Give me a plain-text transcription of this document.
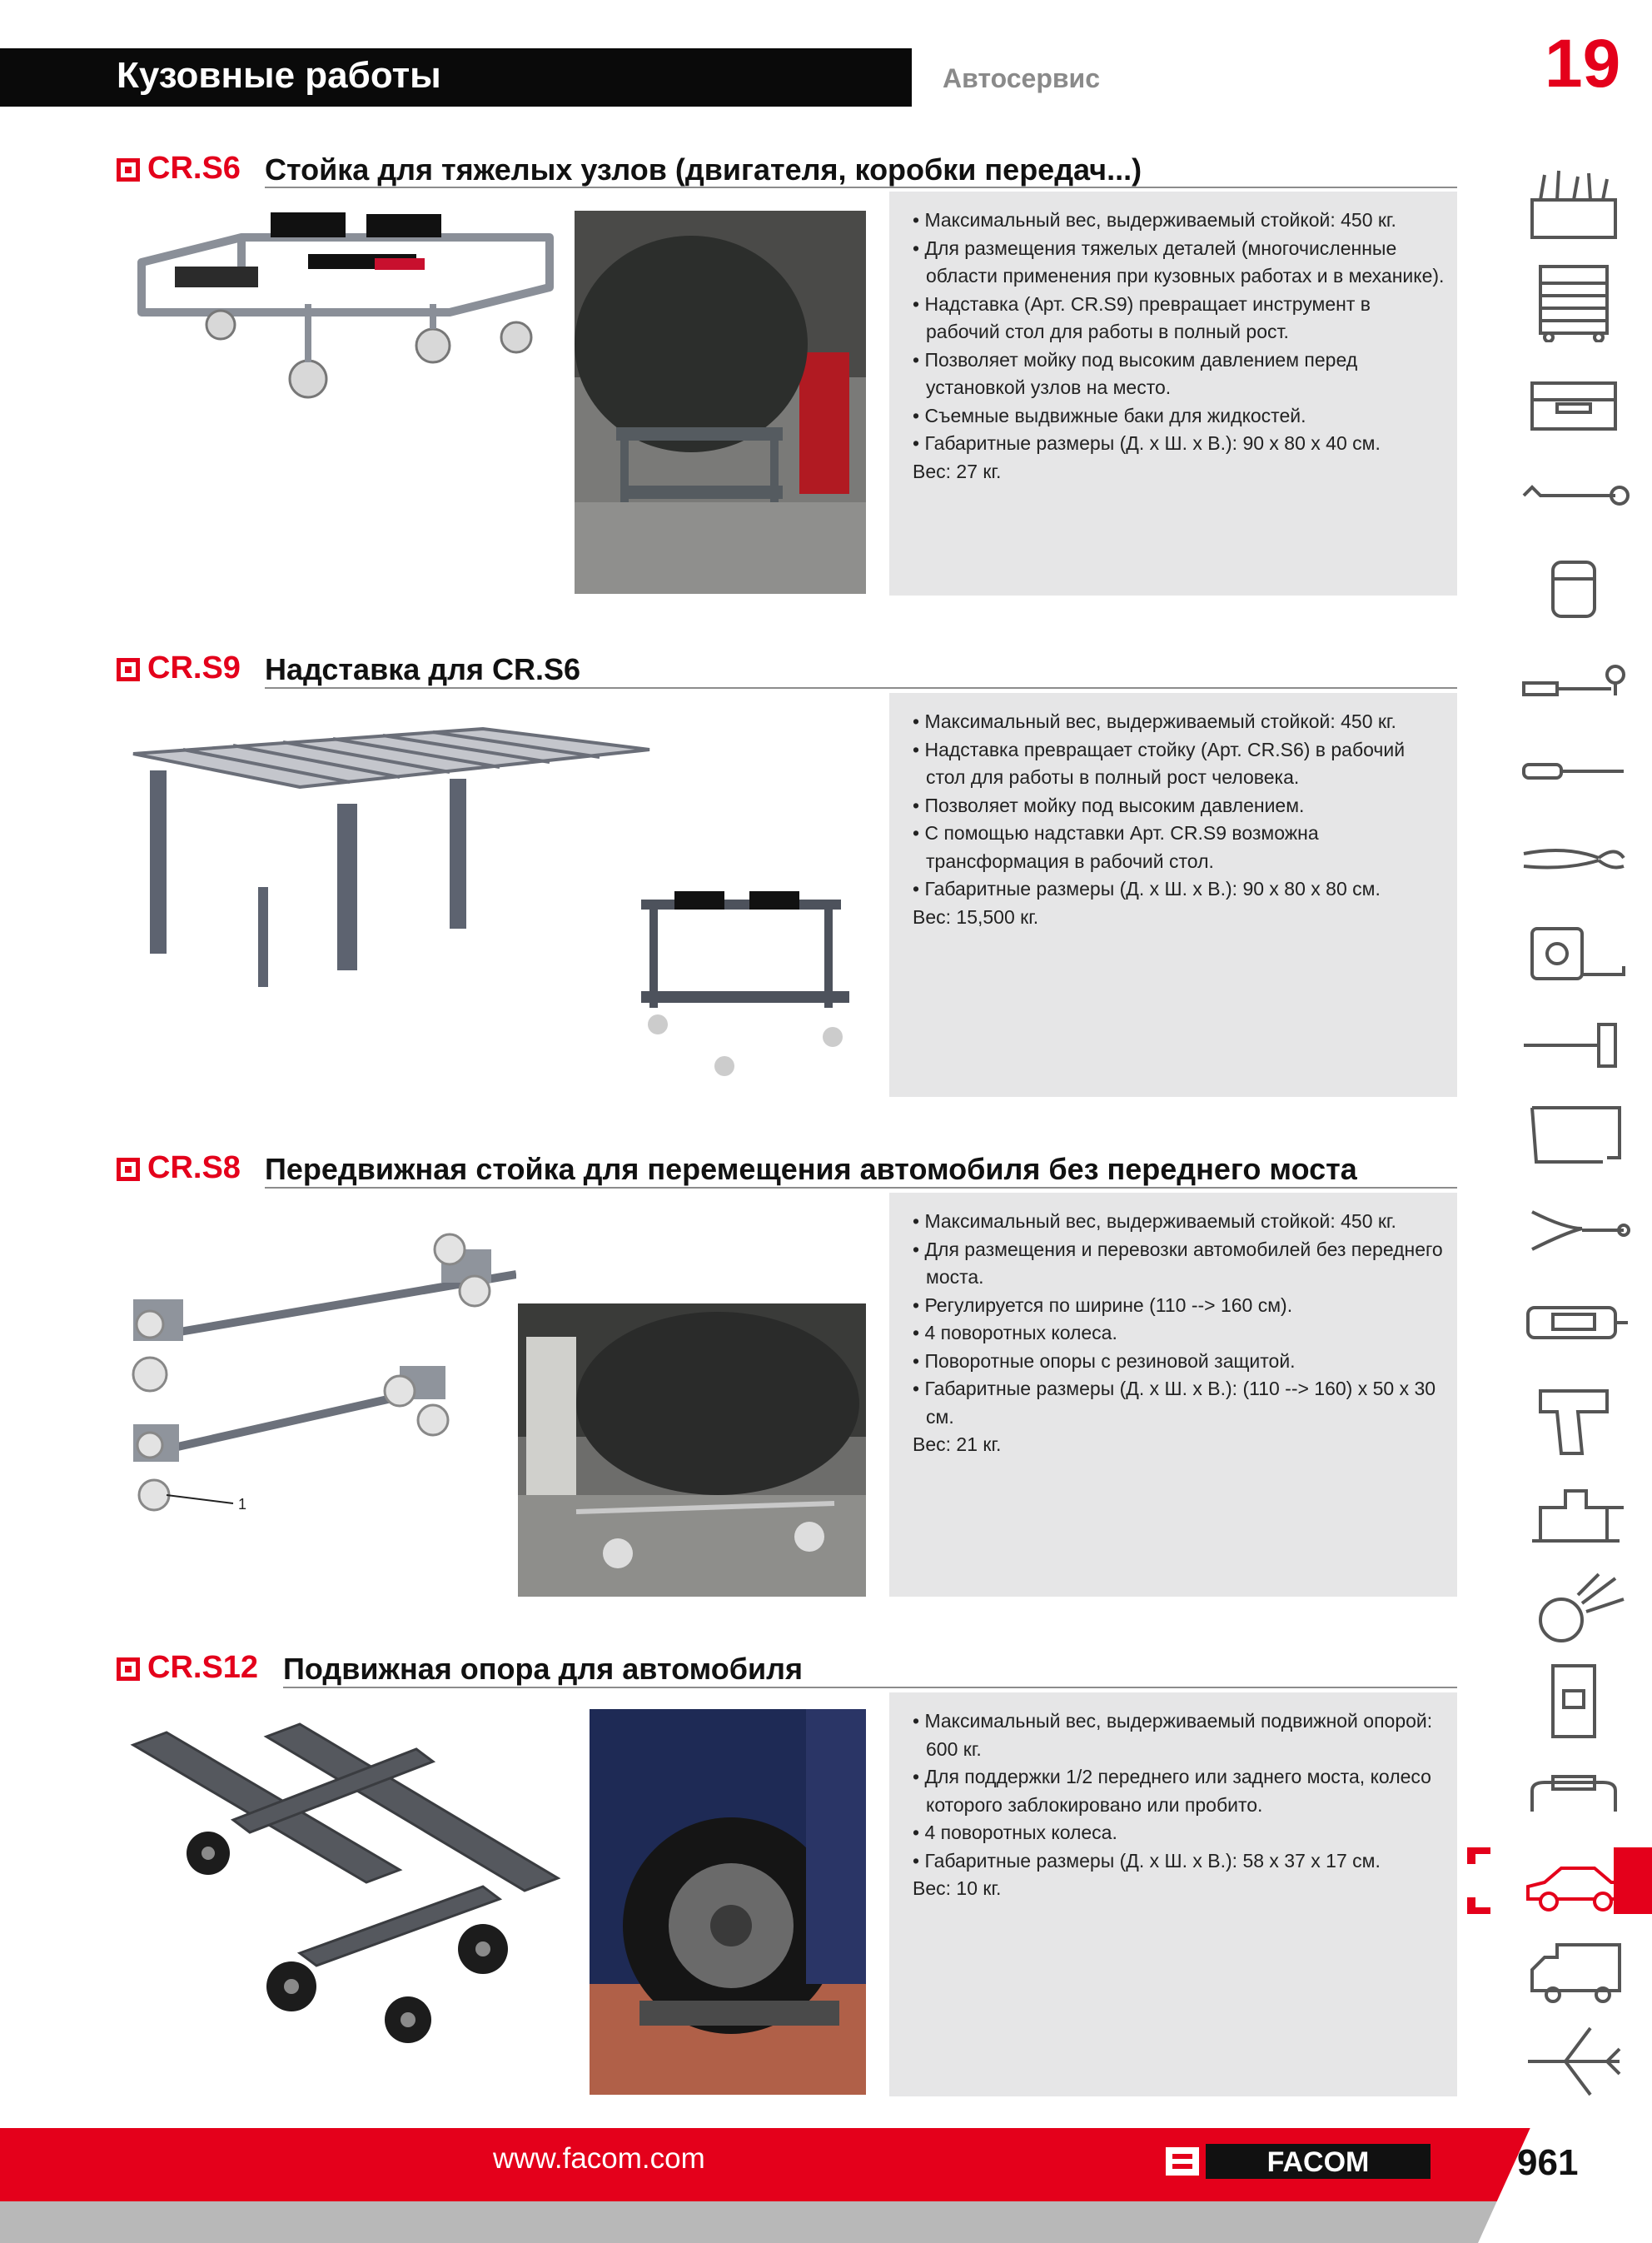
Кузовные работы	Автосервис	19
CR.S6 Стойка для тяжелых узлов (двигателя, коробки передач...)
• Максимальный вес, выдерживаемый стойкой: 450 кг.
• Для размещения тяжелых деталей (многочисленные области применения при кузовных работах и в механике).
• Надставка (Арт. CR.S9) превращает инструмент в рабочий стол для работы в полный рост.
• Позволяет мойку под высоким давлением перед установкой узлов на место.
• Съемные выдвижные баки для жидкостей.
• Габаритные размеры (Д. x Ш. x В.): 90 x 80 x 40 см.
Вес: 27 кг.
CR.S9 Надставка для CR.S6
• Максимальный вес, выдерживаемый стойкой: 450 кг.
• Надставка превращает стойку (Арт. CR.S6) в рабочий стол для работы в полный рост человека.
• Позволяет мойку под высоким давлением.
• С помощью надставки Арт. CR.S9 возможна трансформация в рабочий стол.
• Габаритные размеры (Д. x Ш. x В.): 90 x 80 x 80 см.
Вес: 15,500 кг.
CR.S8 Передвижная стойка для перемещения автомобиля без переднего моста
1
• Максимальный вес, выдерживаемый стойкой: 450 кг.
• Для размещения и перевозки автомобилей без переднего моста.
• Регулируется по ширине (110 --> 160 см).
• 4 поворотных колеса.
• Поворотные опоры с резиновой защитой.
• Габаритные размеры (Д. x Ш. x В.): (110 --> 160) x 50 x 30 см.
Вес: 21 кг.
CR.S12 Подвижная опора для автомобиля
• Максимальный вес, выдерживаемый подвижной опорой: 600 кг.
• Для поддержки 1/2 переднего или заднего моста, колесо которого заблокировано или пробито.
• 4 поворотных колеса.
• Габаритные размеры (Д. x Ш. x В.): 58 x 37 x 17 см.
Вес: 10 кг.
www.facom.com	FACOM	961
